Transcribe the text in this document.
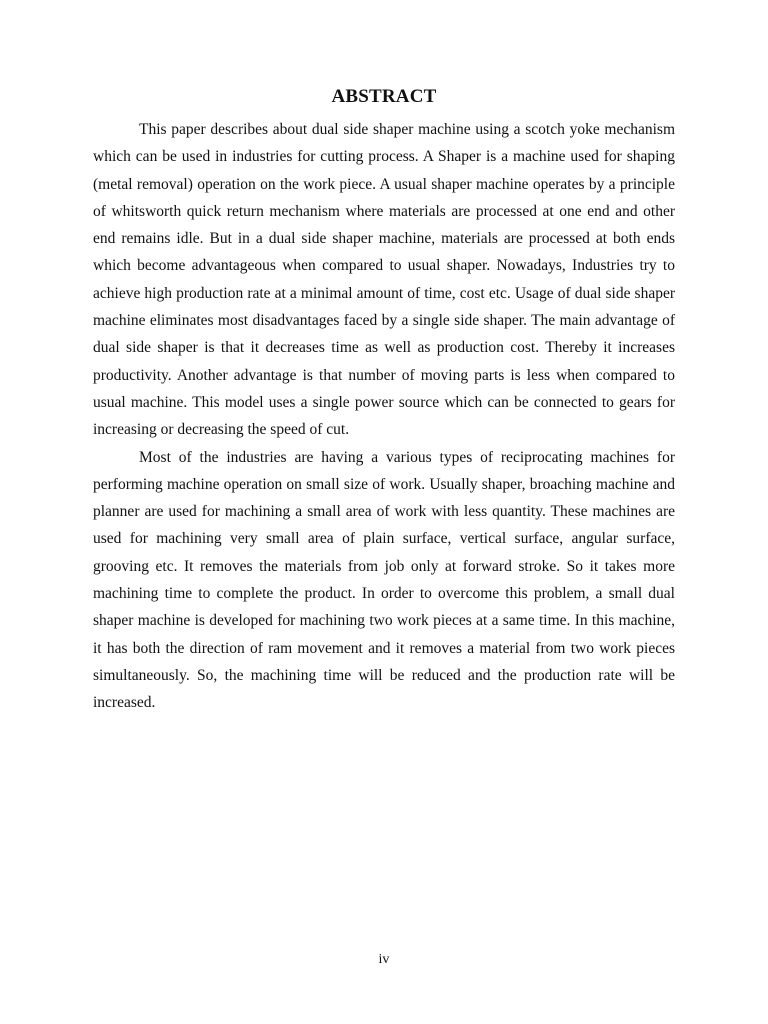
ABSTRACT

This paper describes about dual side shaper machine using a scotch yoke mechanism which can be used in industries for cutting process. A Shaper is a machine used for shaping (metal removal) operation on the work piece. A usual shaper machine operates by a principle of whitsworth quick return mechanism where materials are processed at one end and other end remains idle. But in a dual side shaper machine, materials are processed at both ends which become advantageous when compared to usual shaper. Nowadays, Industries try to achieve high production rate at a minimal amount of time, cost etc. Usage of dual side shaper machine eliminates most disadvantages faced by a single side shaper. The main advantage of dual side shaper is that it decreases time as well as production cost. Thereby it increases productivity. Another advantage is that number of moving parts is less when compared to usual machine. This model uses a single power source which can be connected to gears for increasing or decreasing the speed of cut.

Most of the industries are having a various types of reciprocating machines for performing machine operation on small size of work. Usually shaper, broaching machine and planner are used for machining a small area of work with less quantity. These machines are used for machining very small area of plain surface, vertical surface, angular surface, grooving etc. It removes the materials from job only at forward stroke. So it takes more machining time to complete the product. In order to overcome this problem, a small dual shaper machine is developed for machining two work pieces at a same time. In this machine, it has both the direction of ram movement and it removes a material from two work pieces simultaneously. So, the machining time will be reduced and the production rate will be increased.

iv
